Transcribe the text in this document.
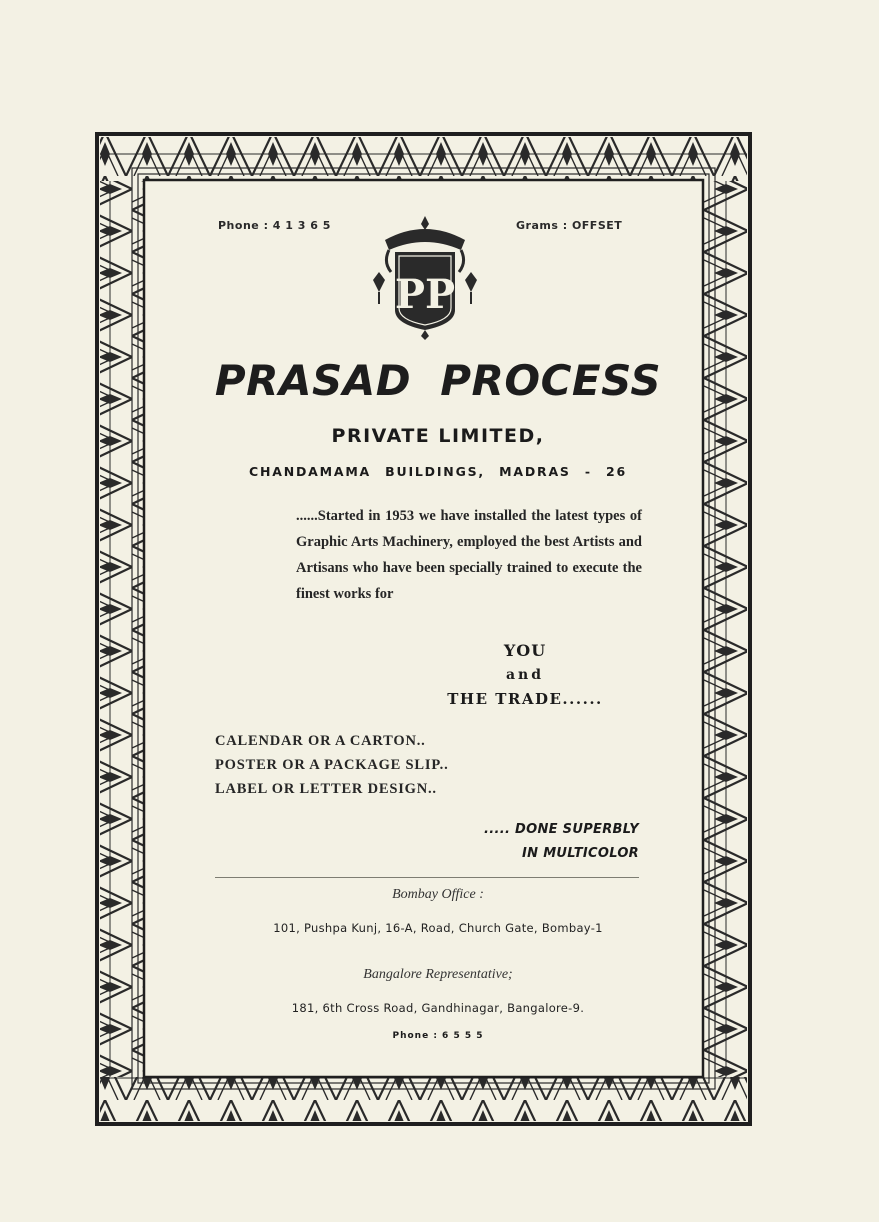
Phone : 4 1 3 6 5	Grams : OFFSET
PP
PRASAD PROCESS
PRIVATE LIMITED,
CHANDAMAMA BUILDINGS, MADRAS - 26
......Started in 1953 we have installed the latest types of Graphic Arts Machinery, employed the best Artists and Artisans who have been specially trained to execute the finest works for
YOU
and
THE TRADE......
CALENDAR OR A CARTON..
POSTER OR A PACKAGE SLIP..
LABEL OR LETTER DESIGN..
..... DONE SUPERBLY
IN MULTICOLOR
Bombay Office :
101, Pushpa Kunj, 16-A, Road, Church Gate, Bombay-1
Bangalore Representative;
181, 6th Cross Road, Gandhinagar, Bangalore-9.
Phone : 6 5 5 5
